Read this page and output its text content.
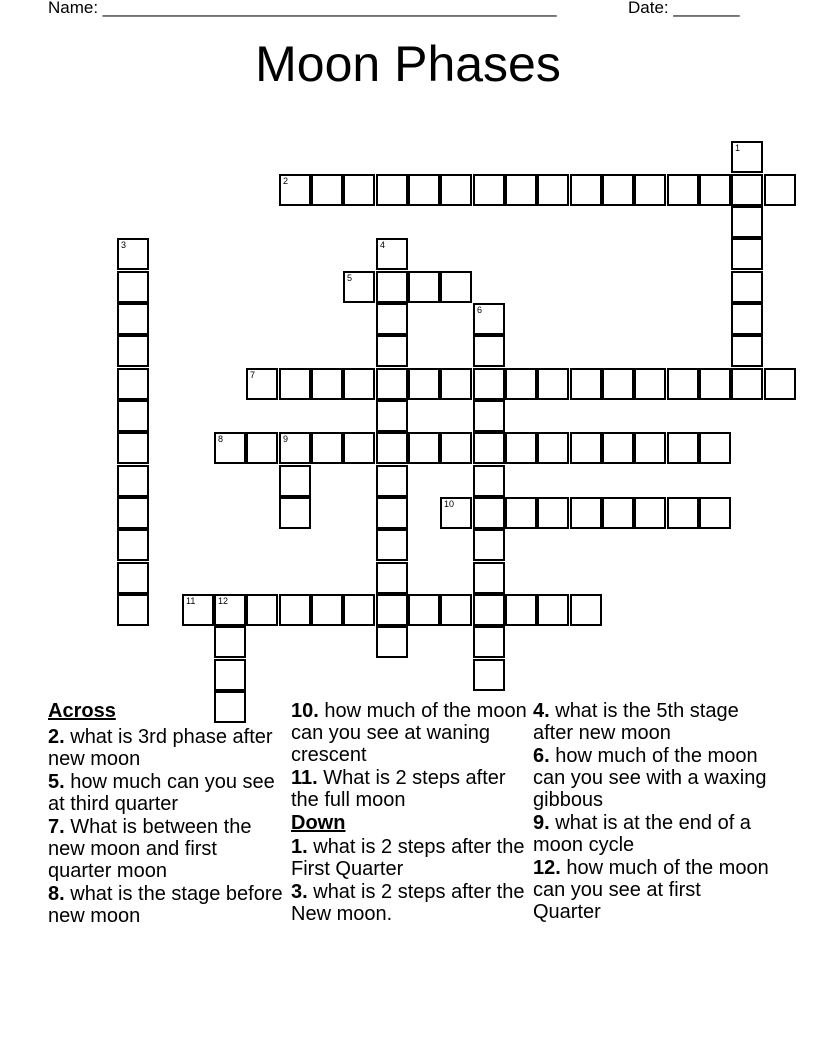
Name: ________________________________________________	Date: _______
Moon Phases
1
2
3	4
5
6
7
8	9
10
11	12
Across
2. what is 3rd phase after new moon
5. how much can you see at third quarter
7. What is between the new moon and first quarter moon
8. what is the stage before new moon
10. how much of the moon can you see at waning crescent
11. What is 2 steps after the full moon
Down
1. what is 2 steps after the First Quarter
3. what is 2 steps after the New moon.
4. what is the 5th stage after new moon
6. how much of the moon can you see with a waxing gibbous
9. what is at the end of a moon cycle
12. how much of the moon can you see at first Quarter
